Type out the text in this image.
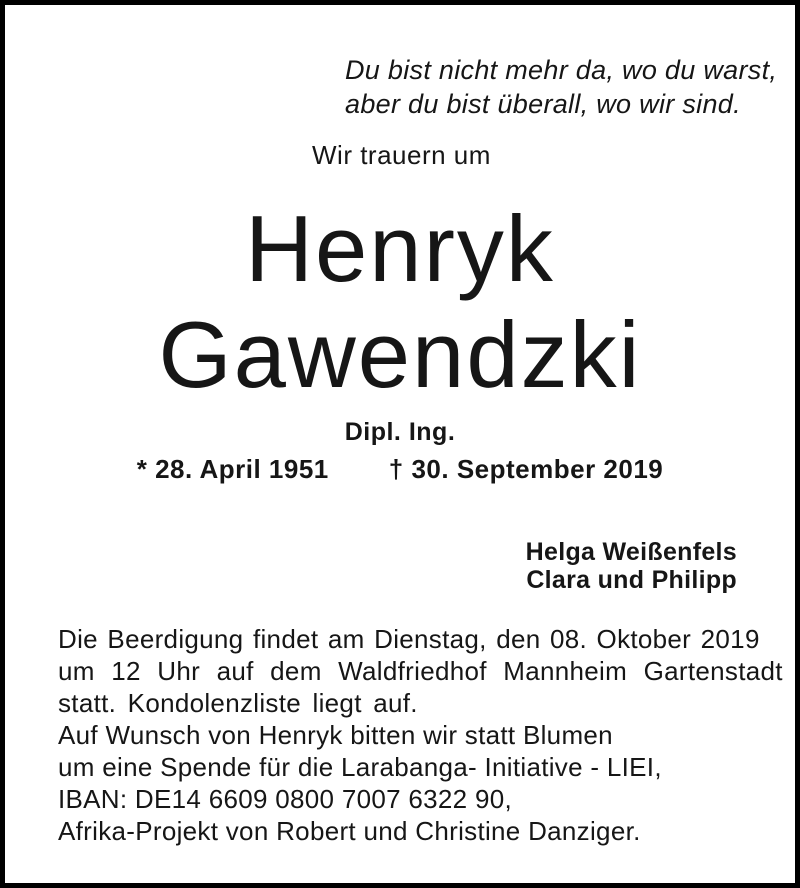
Du bist nicht mehr da, wo du warst,
aber du bist überall, wo wir sind.
Wir trauern um
Henryk
Gawendzki
Dipl. Ing.
* 28. April 1951 † 30. September 2019
Helga Weißenfels
Clara und Philipp
Die Beerdigung findet am Dienstag, den 08. Oktober 2019
um 12 Uhr auf dem Waldfriedhof Mannheim Gartenstadt
statt. Kondolenzliste liegt auf.
Auf Wunsch von Henryk bitten wir statt Blumen
um eine Spende für die Larabanga- Initiative - LIEI,
IBAN: DE14 6609 0800 7007 6322 90,
Afrika-Projekt von Robert und Christine Danziger.
